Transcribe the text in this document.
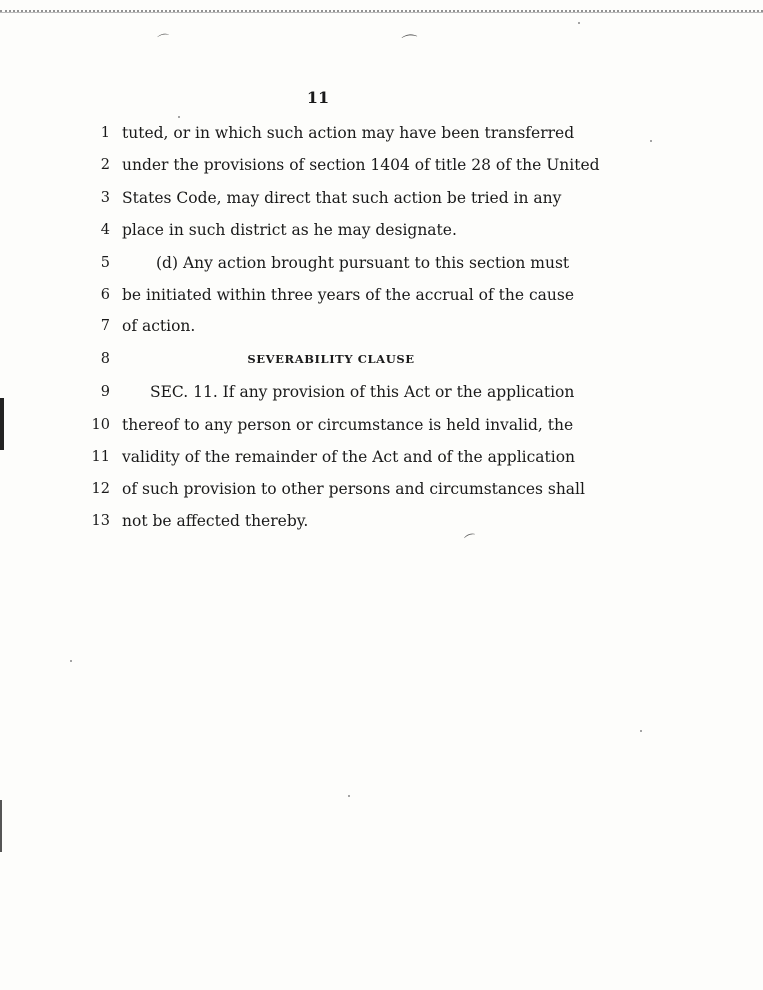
⌒	⌒
⌒
11
1 tuted, or in which such action may have been transferred
2 under the provisions of section 1404 of title 28 of the United
3 States Code, may direct that such action be tried in any
4 place in such district as he may designate.
5	(d) Any action brought pursuant to this section must
6 be initiated within three years of the accrual of the cause
7 of action.
8	SEVERABILITY CLAUSE
9	SEC. 11. If any provision of this Act or the application
10 thereof to any person or circumstance is held invalid, the
11 validity of the remainder of the Act and of the application
12 of such provision to other persons and circumstances shall
13 not be affected thereby.
